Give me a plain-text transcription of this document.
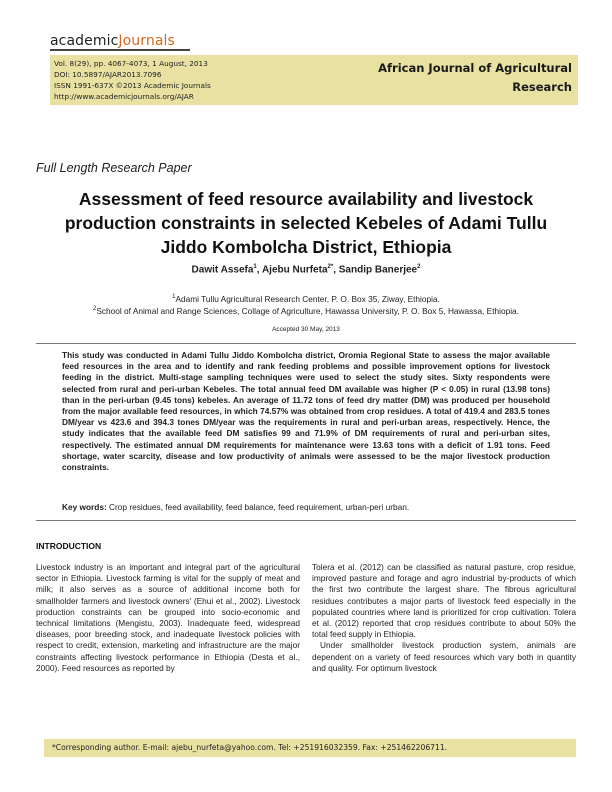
academicJournals
Vol. 8(29), pp. 4067-4073, 1 August, 2013
DOI: 10.5897/AJAR2013.7096
ISSN 1991-637X ©2013 Academic Journals
http://www.academicjournals.org/AJAR
African Journal of Agricultural
Research
Full Length Research Paper
Assessment of feed resource availability and livestock production constraints in selected Kebeles of Adami Tullu Jiddo Kombolcha District, Ethiopia
Dawit Assefa$^1$, Ajebu Nurfeta$^{2*}$, Sandip Banerjee$^2$
$^1$Adami Tullu Agricultural Research Center, P. O. Box 35, Ziway, Ethiopia.
$^2$School of Animal and Range Sciences, Collage of Agriculture, Hawassa University, P. O. Box 5, Hawassa, Ethiopia.
Accepted 30 May, 2013
This study was conducted in Adami Tullu Jiddo Kombolcha district, Oromia Regional State to assess the major available feed resources in the area and to identify and rank feeding problems and possible improvement options for livestock feeding in the district. Multi-stage sampling techniques were used to select the study sites. Sixty respondents were selected from rural and peri-urban Kebeles. The total annual feed DM available was higher (P < 0.05) in rural (13.98 tons) than in the peri-urban (9.45 tons) kebeles. An average of 11.72 tons of feed dry matter (DM) was produced per household from the major available feed resources, in which 74.57% was obtained from crop residues. A total of 419.4 and 283.5 tones DM/year vs 423.6 and 394.3 tones DM/year was the requirements in rural and peri-urban areas, respectively. Hence, the study indicates that the available feed DM satisfies 99 and 71.9% of DM requirements of rural and peri-urban sites, respectively. The estimated annual DM requirements for maintenance were 13.63 tons with a deficit of 1.91 tons. Feed shortage, water scarcity, disease and low productivity of animals were assessed to be the major livestock production constraints.
Key words: Crop residues, feed availability, feed balance, feed requirement, urban-peri urban.
INTRODUCTION

Livestock industry is an important and integral part of the agricultural sector in Ethiopia. Livestock farming is vital for the supply of meat and milk; it also serves as a source of additional income both for smallholder farmers and livestock owners' (Ehui et al., 2002). Livestock production constraints can be grouped into socio-economic and technical limitations (Mengistu, 2003). Inadequate feed, widespread diseases, poor breeding stock, and inadequate livestock policies with respect to credit, extension, marketing and infrastructure are the major constraints affecting livestock performance in Ethiopia (Desta et al., 2000). Feed resources as reported by

Tolera et al. (2012) can be classified as natural pasture, crop residue, improved pasture and forage and agro industrial by-products of which the first two contribute the largest share. The fibrous agricultural residues contributes a major parts of livestock feed especially in the populated countries where land is prioritized for crop cultivation. Tolera et al. (2012) reported that crop residues contribute to about 50% the total feed supply in Ethiopia.

Under smallholder livestock production system, animals are dependent on a variety of feed resources which vary both in quantity and quality. For optimum livestock

*Corresponding author. E-mail: ajebu_nurfeta@yahoo.com. Tel: +251916032359. Fax: +251462206711.
